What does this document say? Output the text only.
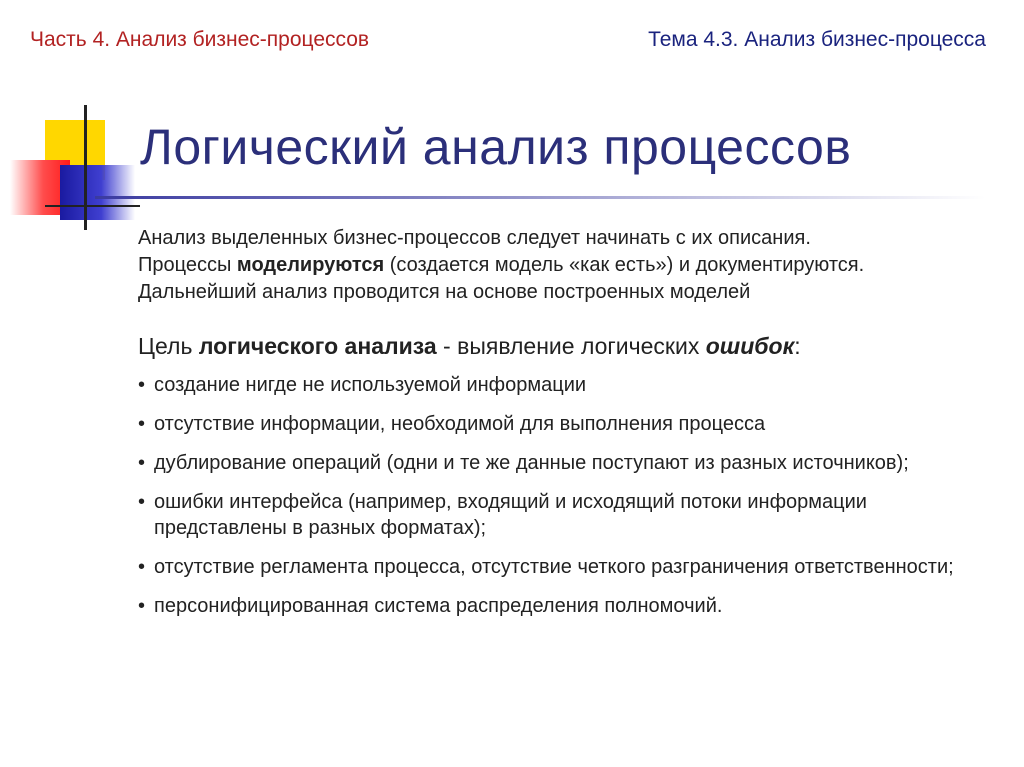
Часть 4. Анализ бизнес-процессов	Тема 4.3. Анализ бизнес-процесса
Логический анализ процессов
Анализ выделенных бизнес-процессов следует начинать с их описания.
Процессы моделируются (создается модель «как есть») и документируются.
Дальнейший анализ проводится на основе построенных моделей
Цель логического анализа - выявление логических ошибок:
• создание нигде не используемой информации
• отсутствие информации, необходимой для выполнения процесса
• дублирование операций (одни и те же данные поступают из разных источников);
• ошибки интерфейса (например, входящий и исходящий потоки информации представлены в разных форматах);
• отсутствие регламента процесса, отсутствие четкого разграничения ответственности;
• персонифицированная система распределения полномочий.
